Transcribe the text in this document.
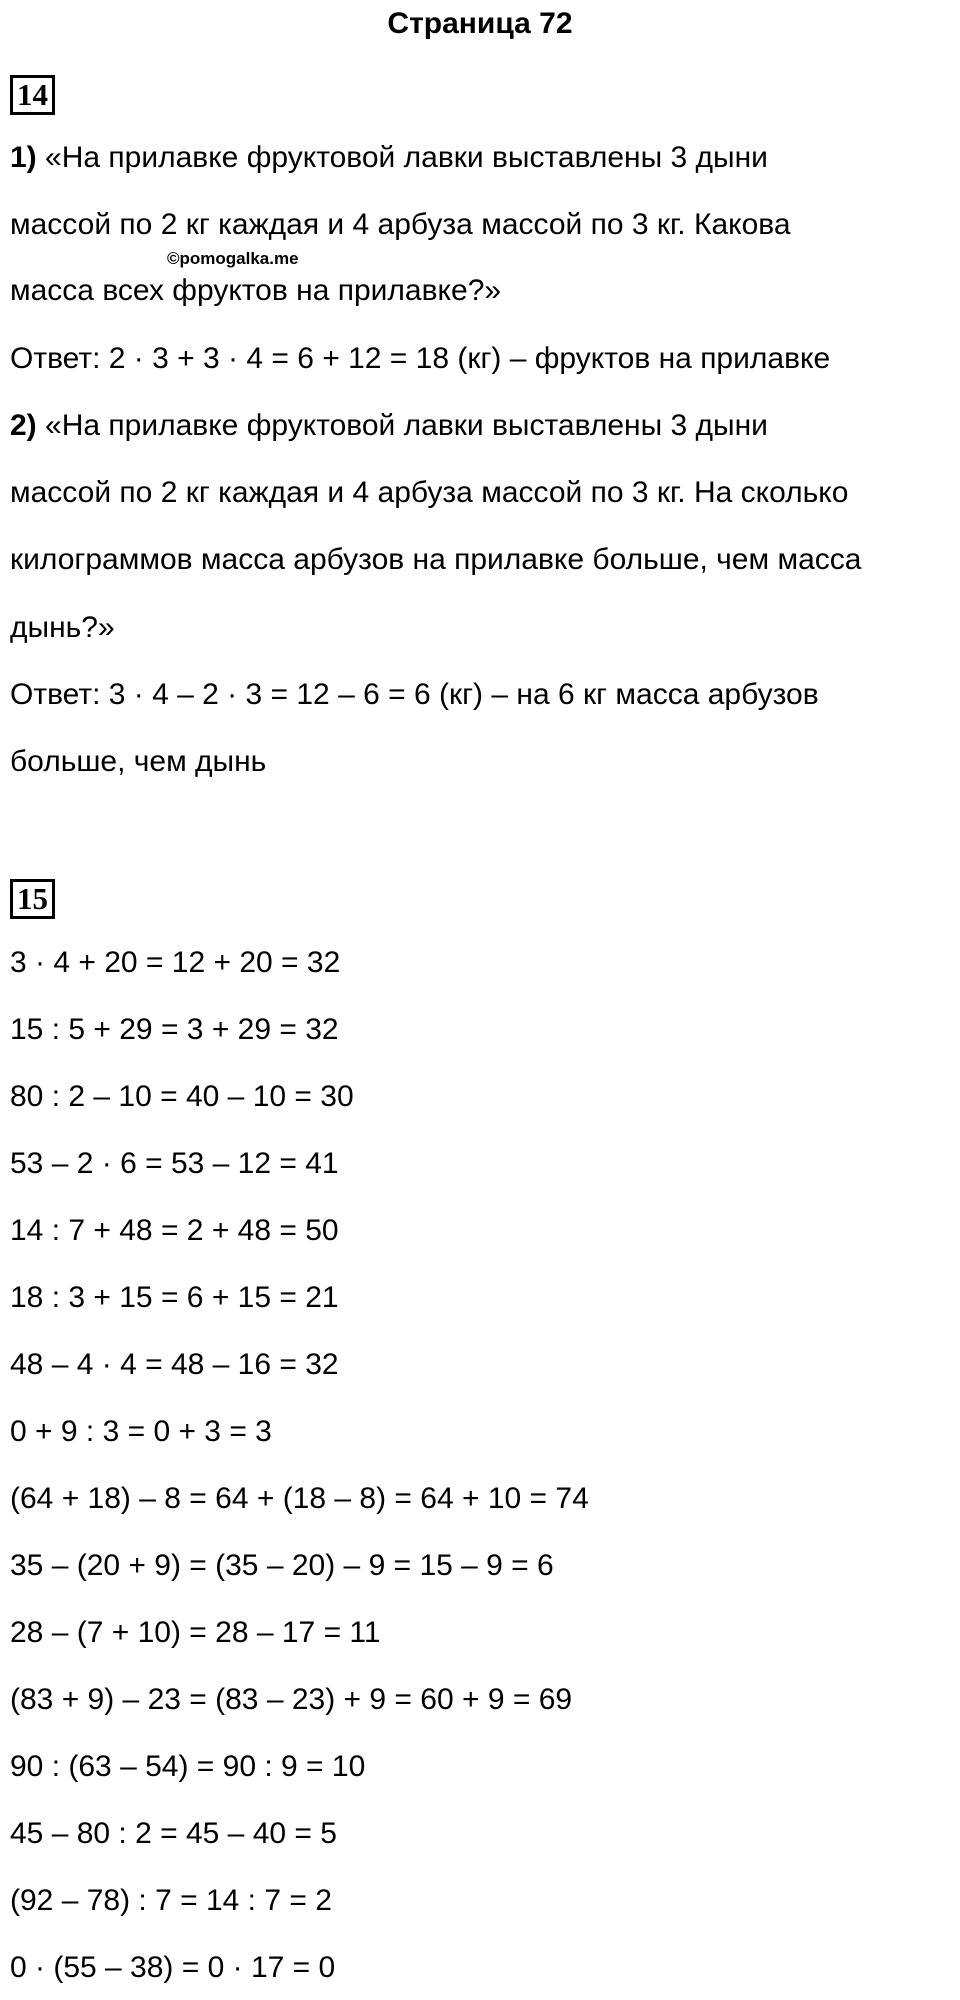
Страница 72
14
1) «На прилавке фруктовой лавки выставлены 3 дыни
массой по 2 кг каждая и 4 арбуза массой по 3 кг. Какова
©pomogalka.me
масса всех фруктов на прилавке?»
Ответ: 2 · 3 + 3 · 4 = 6 + 12 = 18 (кг) – фруктов на прилавке
2) «На прилавке фруктовой лавки выставлены 3 дыни
массой по 2 кг каждая и 4 арбуза массой по 3 кг. На сколько
килограммов масса арбузов на прилавке больше, чем масса
дынь?»
Ответ: 3 · 4 – 2 · 3 = 12 – 6 = 6 (кг) – на 6 кг масса арбузов
больше, чем дынь
15
3 · 4 + 20 = 12 + 20 = 32
15 : 5 + 29 = 3 + 29 = 32
80 : 2 – 10 = 40 – 10 = 30
53 – 2 · 6 = 53 – 12 = 41
14 : 7 + 48 = 2 + 48 = 50
18 : 3 + 15 = 6 + 15 = 21
48 – 4 · 4 = 48 – 16 = 32
0 + 9 : 3 = 0 + 3 = 3
(64 + 18) – 8 = 64 + (18 – 8) = 64 + 10 = 74
35 – (20 + 9) = (35 – 20) – 9 = 15 – 9 = 6
28 – (7 + 10) = 28 – 17 = 11
(83 + 9) – 23 = (83 – 23) + 9 = 60 + 9 = 69
90 : (63 – 54) = 90 : 9 = 10
45 – 80 : 2 = 45 – 40 = 5
(92 – 78) : 7 = 14 : 7 = 2
0 · (55 – 38) = 0 · 17 = 0
